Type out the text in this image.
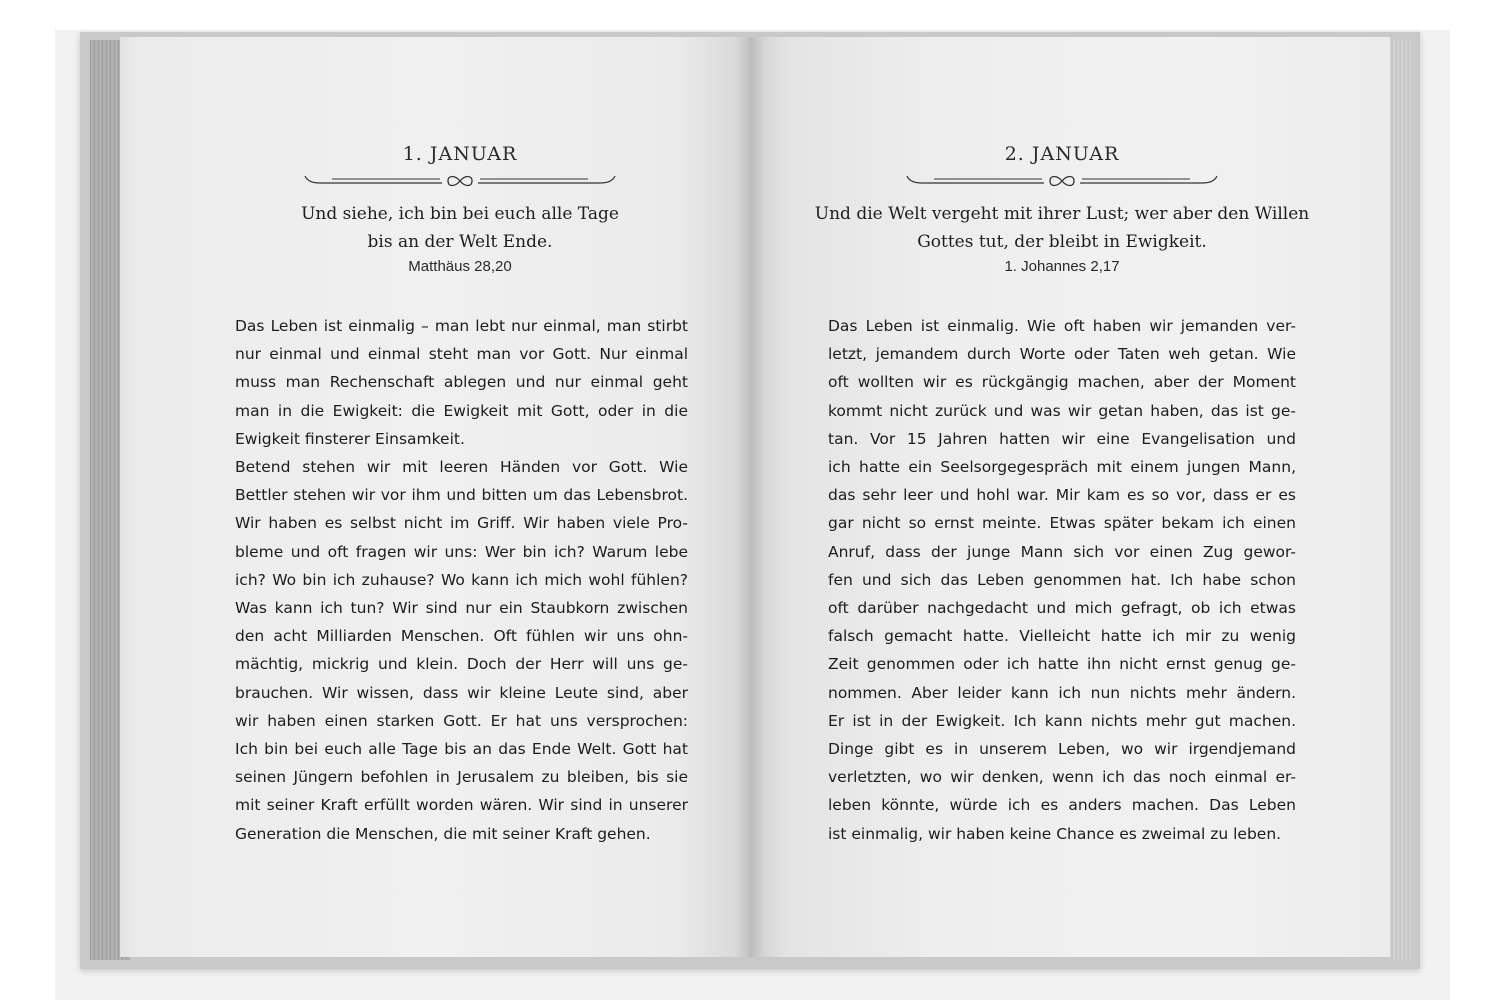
1. JANUAR
Und siehe, ich bin bei euch alle Tage
bis an der Welt Ende.
Matthäus 28,20
Das Leben ist einmalig – man lebt nur einmal, man stirbt
nur einmal und einmal steht man vor Gott. Nur einmal
muss man Rechenschaft ablegen und nur einmal geht
man in die Ewigkeit: die Ewigkeit mit Gott, oder in die
Ewigkeit finsterer Einsamkeit.
Betend stehen wir mit leeren Händen vor Gott. Wie
Bettler stehen wir vor ihm und bitten um das Lebensbrot.
Wir haben es selbst nicht im Griff. Wir haben viele Pro-
bleme und oft fragen wir uns: Wer bin ich? Warum lebe
ich? Wo bin ich zuhause? Wo kann ich mich wohl fühlen?
Was kann ich tun? Wir sind nur ein Staubkorn zwischen
den acht Milliarden Menschen. Oft fühlen wir uns ohn-
mächtig, mickrig und klein. Doch der Herr will uns ge-
brauchen. Wir wissen, dass wir kleine Leute sind, aber
wir haben einen starken Gott. Er hat uns versprochen:
Ich bin bei euch alle Tage bis an das Ende Welt. Gott hat
seinen Jüngern befohlen in Jerusalem zu bleiben, bis sie
mit seiner Kraft erfüllt worden wären. Wir sind in unserer
Generation die Menschen, die mit seiner Kraft gehen.
2. JANUAR
Und die Welt vergeht mit ihrer Lust; wer aber den Willen
Gottes tut, der bleibt in Ewigkeit.
1. Johannes 2,17
Das Leben ist einmalig. Wie oft haben wir jemanden ver-
letzt, jemandem durch Worte oder Taten weh getan. Wie
oft wollten wir es rückgängig machen, aber der Moment
kommt nicht zurück und was wir getan haben, das ist ge-
tan. Vor 15 Jahren hatten wir eine Evangelisation und
ich hatte ein Seelsorgegespräch mit einem jungen Mann,
das sehr leer und hohl war. Mir kam es so vor, dass er es
gar nicht so ernst meinte. Etwas später bekam ich einen
Anruf, dass der junge Mann sich vor einen Zug gewor-
fen und sich das Leben genommen hat. Ich habe schon
oft darüber nachgedacht und mich gefragt, ob ich etwas
falsch gemacht hatte. Vielleicht hatte ich mir zu wenig
Zeit genommen oder ich hatte ihn nicht ernst genug ge-
nommen. Aber leider kann ich nun nichts mehr ändern.
Er ist in der Ewigkeit. Ich kann nichts mehr gut machen.
Dinge gibt es in unserem Leben, wo wir irgendjemand
verletzten, wo wir denken, wenn ich das noch einmal er-
leben könnte, würde ich es anders machen. Das Leben
ist einmalig, wir haben keine Chance es zweimal zu leben.
